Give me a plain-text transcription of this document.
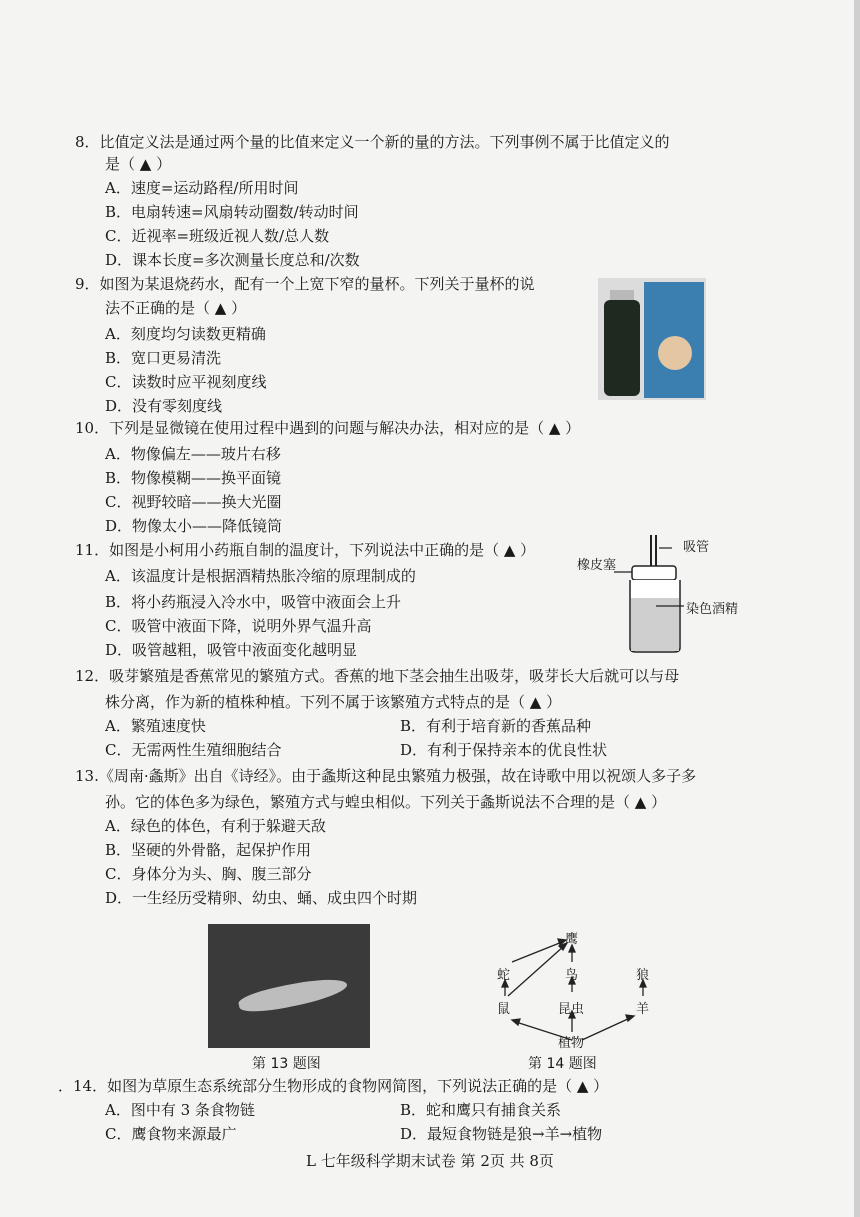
8．比值定义法是通过两个量的比值来定义一个新的量的方法。下列事例不属于比值定义的
是（ ▲ ）
A．速度=运动路程/所用时间
B．电扇转速=风扇转动圈数/转动时间
C．近视率=班级近视人数/总人数
D．课本长度=多次测量长度总和/次数
9．如图为某退烧药水，配有一个上宽下窄的量杯。下列关于量杯的说
法不正确的是（ ▲ ）
A．刻度均匀读数更精确
B．宽口更易清洗
C．读数时应平视刻度线
D．没有零刻度线
10．下列是显微镜在使用过程中遇到的问题与解决办法，相对应的是（ ▲ ）
A．物像偏左——玻片右移
B．物像模糊——换平面镜
C．视野较暗——换大光圈
D．物像太小——降低镜筒
11．如图是小柯用小药瓶自制的温度计，下列说法中正确的是（ ▲ ）
A．该温度计是根据酒精热胀冷缩的原理制成的
B．将小药瓶浸入冷水中，吸管中液面会上升
C．吸管中液面下降，说明外界气温升高
D．吸管越粗，吸管中液面变化越明显
吸管
橡皮塞
染色酒精
12．吸芽繁殖是香蕉常见的繁殖方式。香蕉的地下茎会抽生出吸芽，吸芽长大后就可以与母
株分离，作为新的植株种植。下列不属于该繁殖方式特点的是（ ▲ ）
A．繁殖速度快	B．有利于培育新的香蕉品种
C．无需两性生殖细胞结合	D．有利于保持亲本的优良性状
13.《周南·螽斯》出自《诗经》。由于螽斯这种昆虫繁殖力极强，故在诗歌中用以祝颂人多子多
孙。它的体色多为绿色，繁殖方式与蝗虫相似。下列关于螽斯说法不合理的是（ ▲ ）
A．绿色的体色，有利于躲避天敌
B．坚硬的外骨骼，起保护作用
C．身体分为头、胸、腹三部分
D．一生经历受精卵、幼虫、蛹、成虫四个时期
第 13 题图
鹰
蛇	鸟	狼
鼠	昆虫	羊
植物
第 14 题图
．14．如图为草原生态系统部分生物形成的食物网简图，下列说法正确的是（ ▲ ）
A．图中有 3 条食物链	B．蛇和鹰只有捕食关系
C．鹰食物来源最广	D．最短食物链是狼→羊→植物
L 七年级科学期末试卷 第 2页 共 8页
